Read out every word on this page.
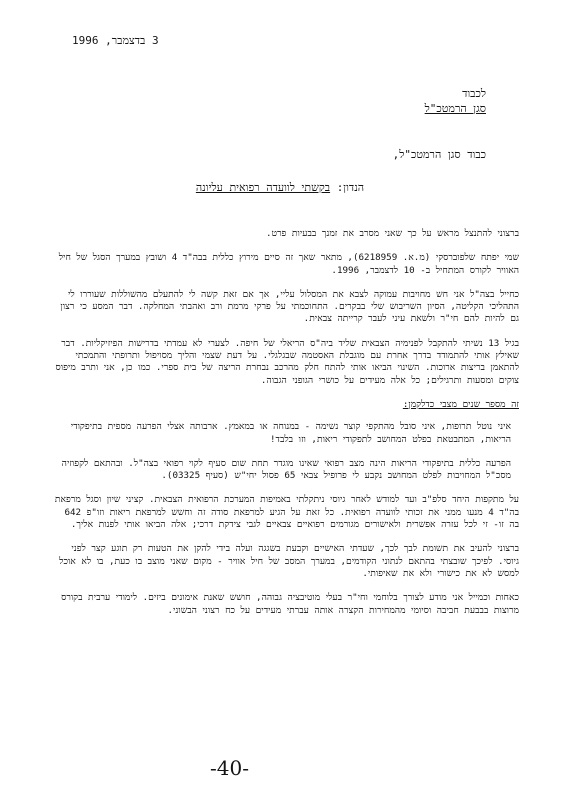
3 בדצמבר, 1996
לכבוד
סגן הרמטכ"ל
כבוד סגן הרמטכ"ל,
הנדון: בקשתי לוועדה רפואית עליונה

ברצוני להתנצל מראש על כך שאני מסרב את זמנך בבעיות פרט.

שמי יפתח שלפוברסקי (מ.א. 6218959), מתאר שאך זה סיים מירוץ כללית בבה"ד 4 ושובץ במערך הסגל של חיל האוויר לקורס המתחיל ב- 10 לדצמבר, 1996.

כחייל בצה"ל אני חש מחויבות עמוקה לצבא את המסלול עליי, אך אם זאת קשה לי להתעלם מהשוללות שעוררו לי התהליכי הקליטה, הסיון השריבוש שלי בבקרים. התחוכמתי על פרקי מרמת ורב ואהבתי המחלקה. דבר המסע כי רצון גם להיות להם חי"ר ולשאת עיני לעבר קרייתה צבאית.

בגיל 13 נשיתי להתקבל לפנימיה הצבאית שליד ביה"ס הריאלי של חיפה. לצערי לא עמדתי בדרישות הפיזיקליות. דבר שאילץ אותי להתמודד בדרך אחרת עם מוגבלת האסטמה שבגלגלי. על דעת שצמי והליך מסויפול ותרופתי והתמכתי להתאמן בריצות ארוכות. השינוי הביאו אותי להתח חלק מהרכב נבחרת הריצה של בית ספרי. כמו כן, אני ותרב מיפוס צוקים ומסעות ותרגילים; כל אלה מעידים על כושרי הגופני הגבוה.

זה מספר שנים מצבי כדלקמן:

איני נוטל תרופות, איני סובל מהתקפי קוצר נשימה - במנוחה או במאמץ. ארבותה אצלי הפרעה מספית בתיפקודי הריאות, המתבטאת בפלט המחושב לתפקודי ריאות, וזו בלבד!

הפרעה כללית בתיפקודי הריאות הינה מצב רפואי שאינו מוגדר תחת שום סעיף לקוי רפואי בצה"ל. ובהתאם לקפוזיה מסכ"ל המחויבות לפלט המחושב נקבע לי פרופיל צבאי 65 פסול יחי"ש (סעיף 03325).

על מתקפות היחד סלפ"ב ועד למודש לאחר גיוסי ניתקלתי באמיפות המערכת הרפואית הצבאית. קציני שיון וסגל מרפאת בה"ד 4 מנעו ממני את זכותי לוועדה רפואית. כל זאת על הגיע למרפאת סודה זה וחשש למרפאת ריאות וזו"פ 642 בה זו- זי לכל עזרה אפשרית ולאישורים מגורמים רפואיים צבאיים לגבי צידקת דרכי; אלה הביאו אותי לפנות אליך.

ברצוני להעיב את תשומת לבך לכך, שעדתי האישיים וקבעת בשגגה ועלה בידי להקן את הטעות רק תוגע קצר לפני גיוסי. לפיכך שובצתי בהתאם לנתוני הקודמים, במערך המסב של חיל אוויר - מקום שאני מוצב בו כעת, בו לא אוכל למסש לא את כישורי ולא את שאיפותי.

כאחות וכמייל אני מודע לצורך בלוחמי וחי"ר בעלי מוטיבציה גבוהה, חושש שאנת אימונים ביזים. לימודי ערבית בקורס מרוצות בבבעת חביבה וסיומי מהמחירות הקצרה אותה עברתי מעידים על כח רצוני הבשוני.

-40-
